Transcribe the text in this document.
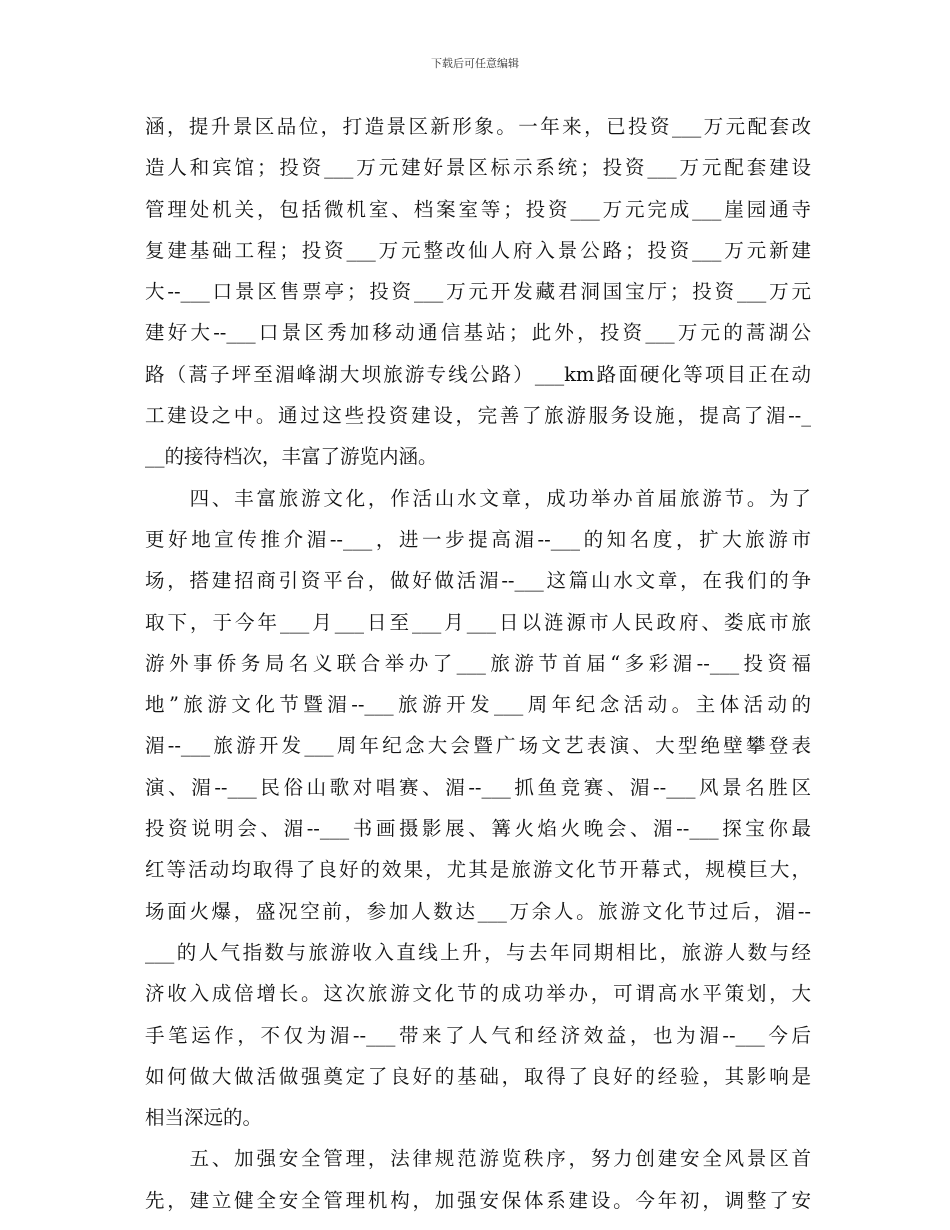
下载后可任意编辑
涵，提升景区品位，打造景区新形象。一年来，已投资___万元配套改
造人和宾馆；投资___万元建好景区标示系统；投资___万元配套建设
管理处机关，包括微机室、档案室等；投资___万元完成___崖园通寺
复建基础工程；投资___万元整改仙人府入景公路；投资___万元新建
大--___口景区售票亭；投资___万元开发藏君洞国宝厅；投资___万元
建好大--___口景区秀加移动通信基站；此外，投资___万元的蒿湖公
路（蒿子坪至湄峰湖大坝旅游专线公路）___km路面硬化等项目正在动
工建设之中。通过这些投资建设，完善了旅游服务设施，提高了湄--_
__的接待档次，丰富了游览内涵。
　　四、丰富旅游文化，作活山水文章，成功举办首届旅游节。为了
更好地宣传推介湄--___，进一步提高湄--___的知名度，扩大旅游市
场，搭建招商引资平台，做好做活湄--___这篇山水文章，在我们的争
取下，于今年___月___日至___月___日以涟源市人民政府、娄底市旅
游外事侨务局名义联合举办了___旅游节首届“多彩湄--___投资福
地”旅游文化节暨湄--___旅游开发___周年纪念活动。主体活动的
湄--___旅游开发___周年纪念大会暨广场文艺表演、大型绝壁攀登表
演、湄--___民俗山歌对唱赛、湄--___抓鱼竞赛、湄--___风景名胜区
投资说明会、湄--___书画摄影展、篝火焰火晚会、湄--___探宝你最
红等活动均取得了良好的效果，尤其是旅游文化节开幕式，规模巨大，
场面火爆，盛况空前，参加人数达___万余人。旅游文化节过后，湄--
___的人气指数与旅游收入直线上升，与去年同期相比，旅游人数与经
济收入成倍增长。这次旅游文化节的成功举办，可谓高水平策划，大
手笔运作，不仅为湄--___带来了人气和经济效益，也为湄--___今后
如何做大做活做强奠定了良好的基础，取得了良好的经验，其影响是
相当深远的。
　　五、加强安全管理，法律规范游览秩序，努力创建安全风景区首
先，建立健全安全管理机构，加强安保体系建设。今年初，调整了安
